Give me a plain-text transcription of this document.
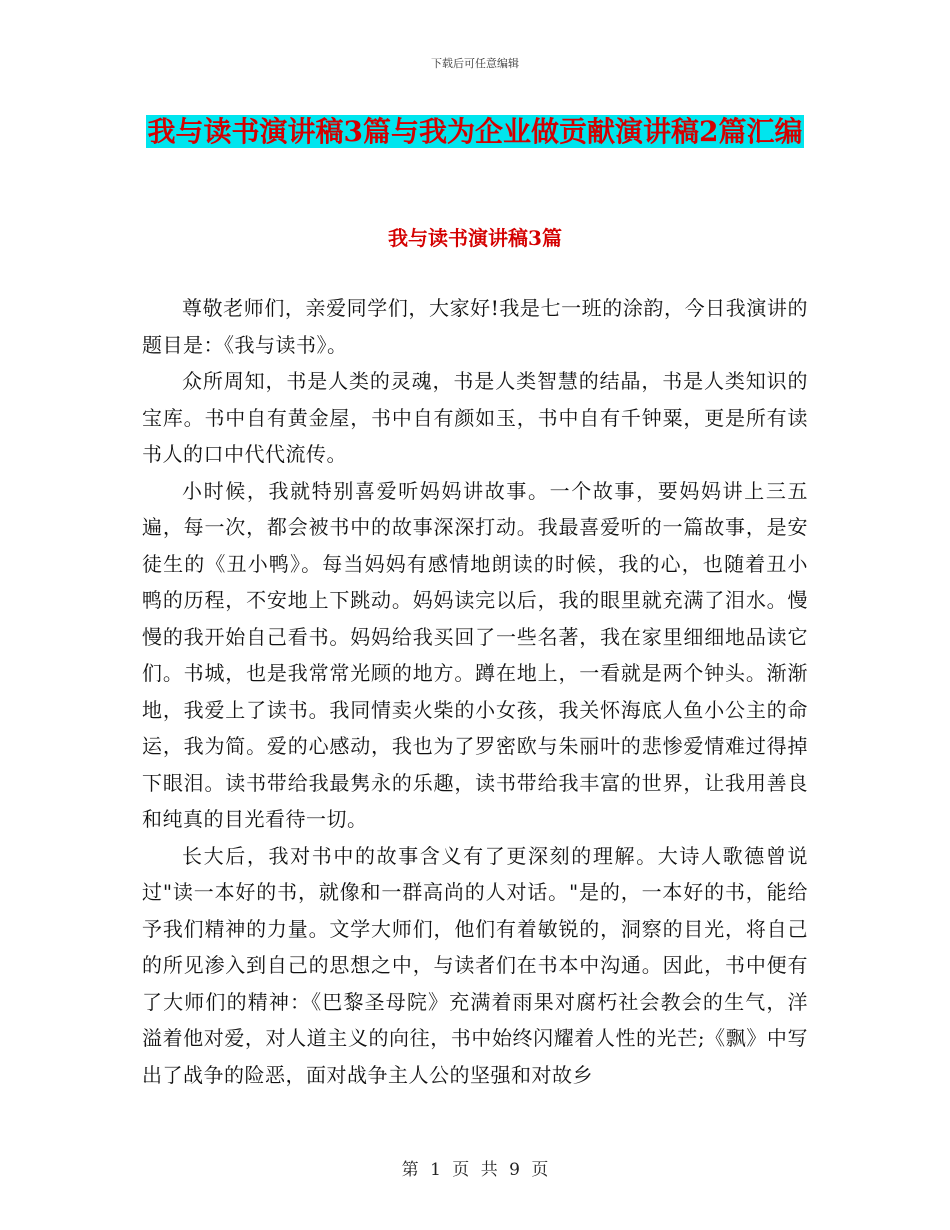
下载后可任意编辑
我与读书演讲稿3篇与我为企业做贡献演讲稿2篇汇编
我与读书演讲稿3篇

尊敬老师们，亲爱同学们，大家好!我是七一班的涂韵，今日我演讲的题目是：《我与读书》。

众所周知，书是人类的灵魂，书是人类智慧的结晶，书是人类知识的宝库。书中自有黄金屋，书中自有颜如玉，书中自有千钟粟，更是所有读书人的口中代代流传。

小时候，我就特别喜爱听妈妈讲故事。一个故事，要妈妈讲上三五遍，每一次，都会被书中的故事深深打动。我最喜爱听的一篇故事，是安徒生的《丑小鸭》。每当妈妈有感情地朗读的时候，我的心，也随着丑小鸭的历程，不安地上下跳动。妈妈读完以后，我的眼里就充满了泪水。慢慢的我开始自己看书。妈妈给我买回了一些名著，我在家里细细地品读它们。书城，也是我常常光顾的地方。蹲在地上，一看就是两个钟头。渐渐地，我爱上了读书。我同情卖火柴的小女孩，我关怀海底人鱼小公主的命运，我为简。爱的心感动，我也为了罗密欧与朱丽叶的悲惨爱情难过得掉下眼泪。读书带给我最隽永的乐趣，读书带给我丰富的世界，让我用善良和纯真的目光看待一切。

长大后，我对书中的故事含义有了更深刻的理解。大诗人歌德曾说过"读一本好的书，就像和一群高尚的人对话。"是的，一本好的书，能给予我们精神的力量。文学大师们，他们有着敏锐的，洞察的目光，将自己的所见渗入到自己的思想之中，与读者们在书本中沟通。因此，书中便有了大师们的精神：《巴黎圣母院》充满着雨果对腐朽社会教会的生气，洋溢着他对爱，对人道主义的向往，书中始终闪耀着人性的光芒;《飘》中写出了战争的险恶，面对战争主人公的坚强和对故乡

第 1 页 共 9 页
